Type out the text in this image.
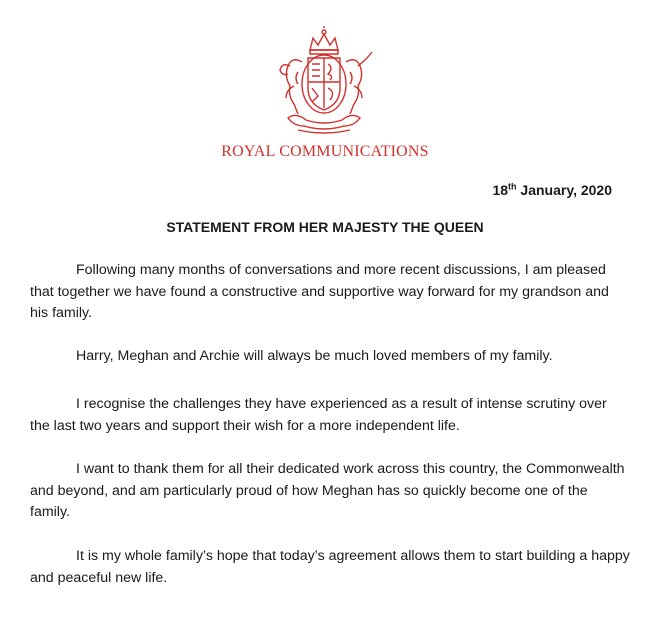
ROYAL COMMUNICATIONS
18th January, 2020
STATEMENT FROM HER MAJESTY THE QUEEN

Following many months of conversations and more recent discussions, I am pleased that together we have found a constructive and supportive way forward for my grandson and his family.

Harry, Meghan and Archie will always be much loved members of my family.

I recognise the challenges they have experienced as a result of intense scrutiny over the last two years and support their wish for a more independent life.

I want to thank them for all their dedicated work across this country, the Commonwealth and beyond, and am particularly proud of how Meghan has so quickly become one of the family.

It is my whole family’s hope that today’s agreement allows them to start building a happy and peaceful new life.
